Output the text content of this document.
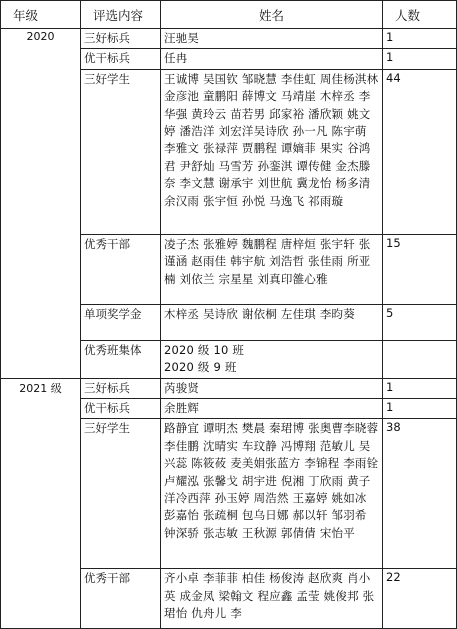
年级	评选内容	姓名	人数
2020	三好标兵	汪驰昊	1
	优干标兵	任冉	1
	三好学生	王诚博 吴国钦 邹晓慧 李佳虹 周佳杨淇林 金彦池 童鹏阳 薛博文 马靖崖 木梓丞 李华强 黄玲云 苗若男 邱家裕 潘欣颖 姚文婷 潘浩洋 刘宏洋吴诗欣 孙一凡 陈宇萌 李雅文 张禄萍 贾鹏程 谭嫡菲 果实 谷鸿君 尹舒灿 马雪芳 孙銮淇 谭传健 金杰滕奈 李文慧 谢承宇 刘世航 冀龙怡 杨多清 余汉雨 张宇恒 孙悦 马逸飞 祁雨璇	44
	优秀干部	凌子杰 张雅婷 魏鹏程 唐梓烜 张宇轩 张谨涵 赵雨佳 韩宇航 刘浩哲 张佳雨 所亚楠 刘依兰 宗星星 刘真印雒心雅	15
	单项奖学金	木梓丞 吴诗欣 谢依桐 左佳琪 李昀葵	5
	优秀班集体	2020 级 10 班
2020 级 9 班	

2021 级	三好标兵	芮骏贤	1
	优干标兵	余胜辉	1
	三好学生	路静宜 谭明杰 樊晨 秦珺博 张奥曹李晓蓉 李佳鹏 沈晴实 车玟静 冯博翔 范敏儿 吴兴蕊 陈筱莜 麦美娟张蓝方 李锦程 李雨铨 卢耀泓 张馨戈 胡宇进 倪湘 丁欣雨 黄子洋冷西萍 孙玉婷 周浩然 王嘉婷 姚如冰 彭嘉怡 张疏桐 包乌日娜 郝以轩 邹羽希 钟深骄 张志敏 王秋源 郭倩倩 宋怡平	38
	优秀干部	齐小卓 李菲菲 柏佳 杨俊涛 赵欣爽 肖小英 成金凤 梁翰文 程应鑫 孟莹 姚俊邦 张珺怡 仇舟儿 李	22
